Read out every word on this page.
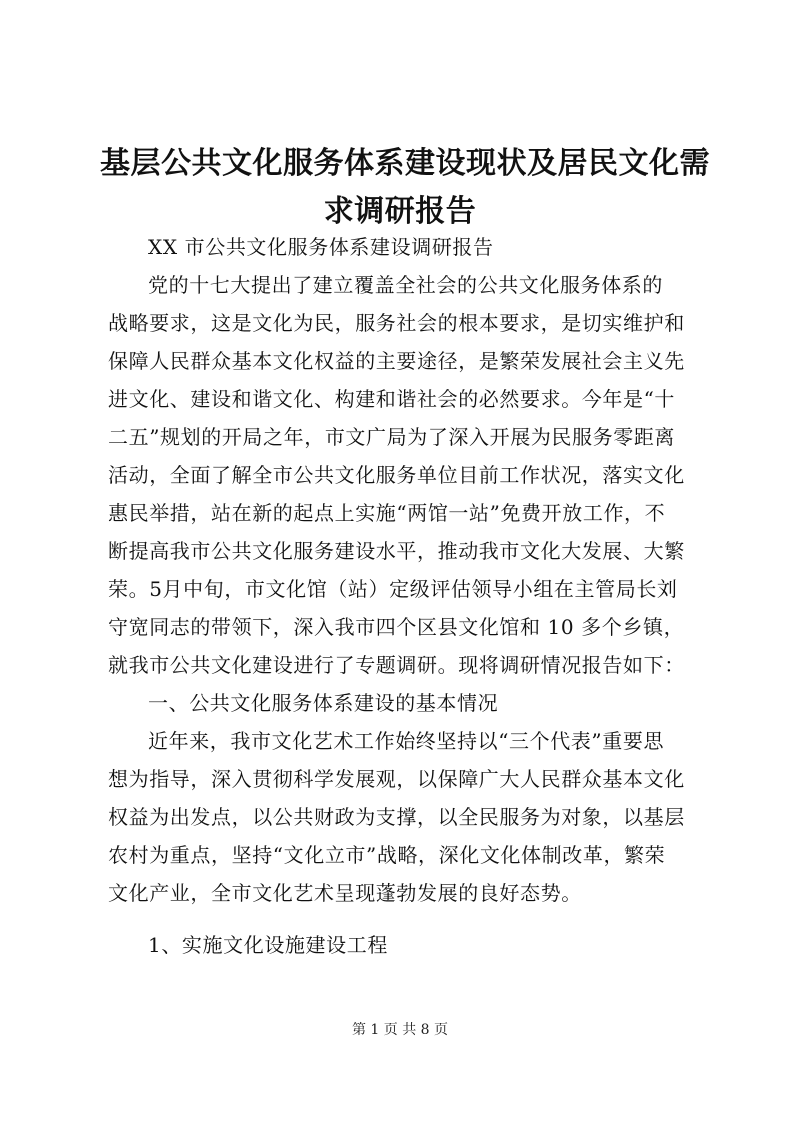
基层公共文化服务体系建设现状及居民文化需
求调研报告
XX 市公共文化服务体系建设调研报告
党的十七大提出了建立覆盖全社会的公共文化服务体系的
战略要求，这是文化为民，服务社会的根本要求，是切实维护和
保障人民群众基本文化权益的主要途径，是繁荣发展社会主义先
进文化、建设和谐文化、构建和谐社会的必然要求。今年是“十
二五”规划的开局之年，市文广局为了深入开展为民服务零距离
活动，全面了解全市公共文化服务单位目前工作状况，落实文化
惠民举措，站在新的起点上实施“两馆一站”免费开放工作，不
断提高我市公共文化服务建设水平，推动我市文化大发展、大繁
荣。5月中旬，市文化馆（站）定级评估领导小组在主管局长刘
守宽同志的带领下，深入我市四个区县文化馆和 10 多个乡镇，
就我市公共文化建设进行了专题调研。现将调研情况报告如下：
一、公共文化服务体系建设的基本情况
近年来，我市文化艺术工作始终坚持以“三个代表”重要思
想为指导，深入贯彻科学发展观，以保障广大人民群众基本文化
权益为出发点，以公共财政为支撑，以全民服务为对象，以基层
农村为重点，坚持“文化立市”战略，深化文化体制改革，繁荣
文化产业，全市文化艺术呈现蓬勃发展的良好态势。
1、实施文化设施建设工程
第 1 页 共 8 页
